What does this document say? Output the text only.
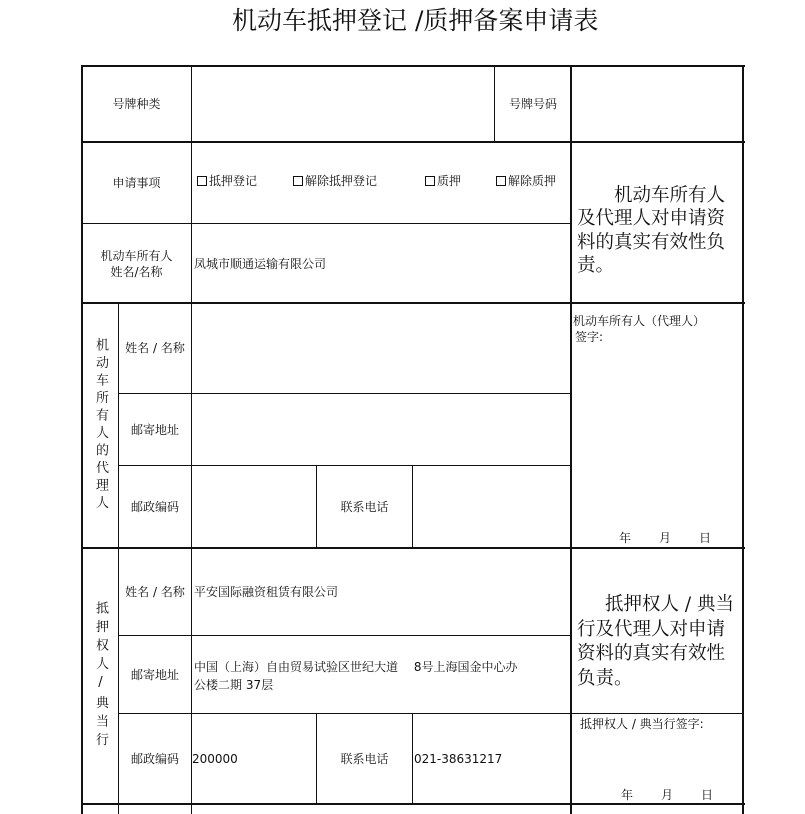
机动车抵押登记 /质押备案申请表
号牌种类	号牌号码
申请事项	抵押登记	解除抵押登记	质押	解除质押
机动车所有人
及代理人对申请资
料的真实有效性负
责。
机动车所有人
姓名/名称
凤城市顺通运输有限公司
机动车所有人的代理人	姓名 / 名称
邮寄地址
邮政编码	联系电话
机动车所有人（代理人）
签字:
年 月 日
抵押权人/典当行
姓名 / 名称 平安国际融资租赁有限公司
邮寄地址
中国（上海）自由贸易试验区世纪大道 8号上海国金中心办
公楼二期 37层
抵押权人 / 典当
行及代理人对申请
资料的真实有效性
负责。
邮政编码	200000	联系电话	021-38631217
抵押权人 / 典当行签字:
年 月 日
